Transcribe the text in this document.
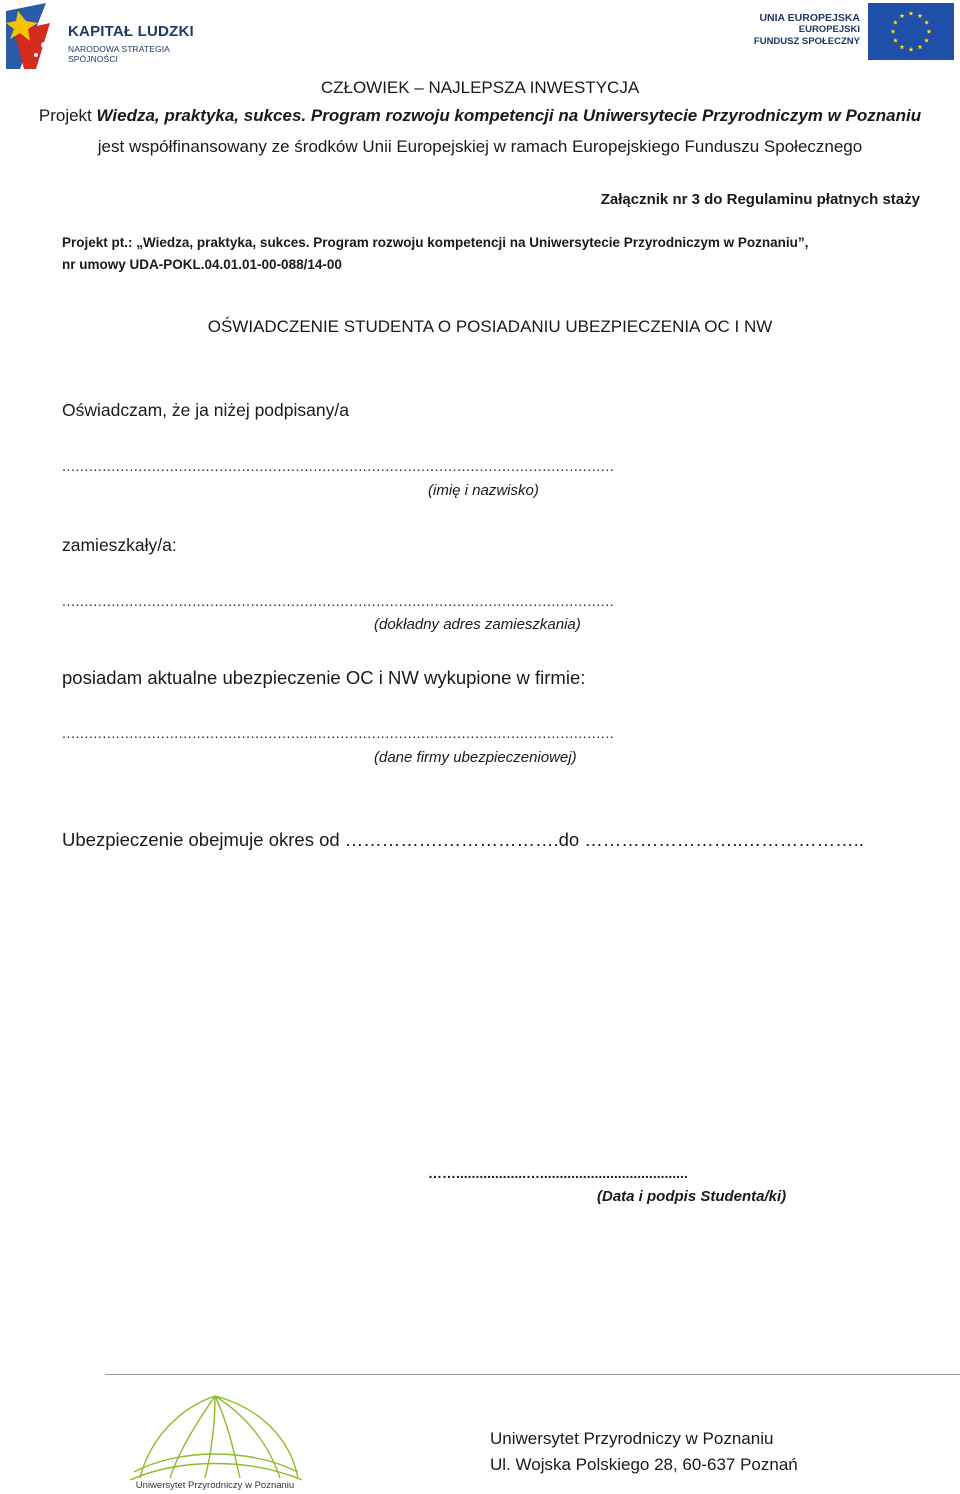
KAPITAŁ LUDZKI
NARODOWA STRATEGIA SPÓJNOŚCI
UNIA EUROPEJSKA
EUROPEJSKI
FUNDUSZ SPOŁECZNY
CZŁOWIEK – NAJLEPSZA INWESTYCJA
Projekt Wiedza, praktyka, sukces. Program rozwoju kompetencji na Uniwersytecie Przyrodniczym w Poznaniu
jest współfinansowany ze środków Unii Europejskiej w ramach Europejskiego Funduszu Społecznego
Załącznik nr 3 do Regulaminu płatnych staży
Projekt pt.: „Wiedza, praktyka, sukces. Program rozwoju kompetencji na Uniwersytecie Przyrodniczym w Poznaniu”,
nr umowy UDA-POKL.04.01.01-00-088/14-00
OŚWIADCZENIE STUDENTA O POSIADANIU UBEZPIECZENIA OC I NW
Oświadczam, że ja niżej podpisany/a
...........................................................................................................................
(imię i nazwisko)
zamieszkały/a:
...........................................................................................................................
(dokładny adres zamieszkania)
posiadam aktualne ubezpieczenie OC i NW wykupione w firmie:
...........................................................................................................................
(dane firmy ubezpieczeniowej)
Ubezpieczenie obejmuje okres od …………….……………….do ……………………..………………..
……..................…......................................
(Data i podpis Studenta/ki)
Uniwersytet Przyrodniczy w Poznaniu
Uniwersytet Przyrodniczy w Poznaniu
Ul. Wojska Polskiego 28, 60-637 Poznań
